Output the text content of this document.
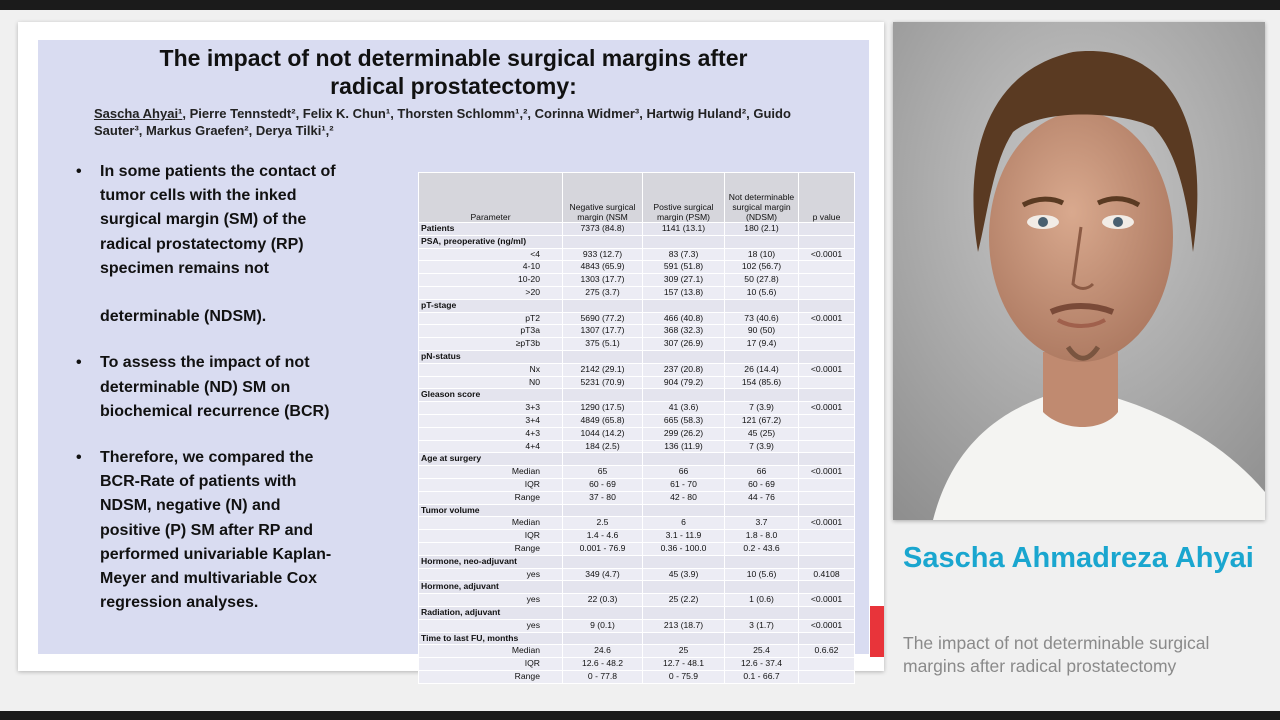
The impact of not determinable surgical margins after
radical prostatectomy:
Sascha Ahyai¹, Pierre Tennstedt², Felix K. Chun¹, Thorsten Schlomm¹,², Corinna Widmer³, Hartwig Huland², Guido Sauter³, Markus Graefen², Derya Tilki¹,²
• In some patients the contact of
tumor cells with the inked
surgical margin (SM) of the
radical prostatectomy (RP)
specimen remains not

determinable (NDSM).
• To assess the impact of not
determinable (ND) SM on
biochemical recurrence (BCR)
• Therefore, we compared the
BCR-Rate of patients with
NDSM, negative (N) and
positive (P) SM after RP and
performed univariable Kaplan-
Meyer and multivariable Cox
regression analyses.
Parameter	Negative surgical margin (NSM	Postive surgical margin (PSM)	Not determinable surgical margin (NDSM)	p value
Patients	7373 (84.8)	1141 (13.1)	180 (2.1)	
PSA, preoperative (ng/ml)				
<4	933 (12.7)	83 (7.3)	18 (10)	<0.0001
4-10	4843 (65.9)	591 (51.8)	102 (56.7)	
10-20	1303 (17.7)	309 (27.1)	50 (27.8)	
>20	275 (3.7)	157 (13.8)	10 (5.6)	
pT-stage				
pT2	5690 (77.2)	466 (40.8)	73 (40.6)	<0.0001
pT3a	1307 (17.7)	368 (32.3)	90 (50)	
≥pT3b	375 (5.1)	307 (26.9)	17 (9.4)	
pN-status				
Nx	2142 (29.1)	237 (20.8)	26 (14.4)	<0.0001
N0	5231 (70.9)	904 (79.2)	154 (85.6)	
Gleason score				
3+3	1290 (17.5)	41 (3.6)	7 (3.9)	<0.0001
3+4	4849 (65.8)	665 (58.3)	121 (67.2)	
4+3	1044 (14.2)	299 (26.2)	45 (25)	
4+4	184 (2.5)	136 (11.9)	7 (3.9)	
Age at surgery				
Median	65	66	66	<0.0001
IQR	60 - 69	61 - 70	60 - 69	
Range	37 - 80	42 - 80	44 - 76	
Tumor volume				
Median	2.5	6	3.7	<0.0001
IQR	1.4 - 4.6	3.1 - 11.9	1.8 - 8.0	
Range	0.001 - 76.9	0.36 - 100.0	0.2 - 43.6	
Hormone, neo-adjuvant				
yes	349 (4.7)	45 (3.9)	10 (5.6)	0.4108
Hormone, adjuvant				
yes	22 (0.3)	25 (2.2)	1 (0.6)	<0.0001
Radiation, adjuvant				
yes	9 (0.1)	213 (18.7)	3 (1.7)	<0.0001
Time to last FU, months				
Median	24.6	25	25.4	0.6.62
IQR	12.6 - 48.2	12.7 - 48.1	12.6 - 37.4	
Range	0 - 77.8	0 - 75.9	0.1 - 66.7	
Sascha Ahmadreza Ahyai
The impact of not determinable surgical margins after radical prostatectomy
